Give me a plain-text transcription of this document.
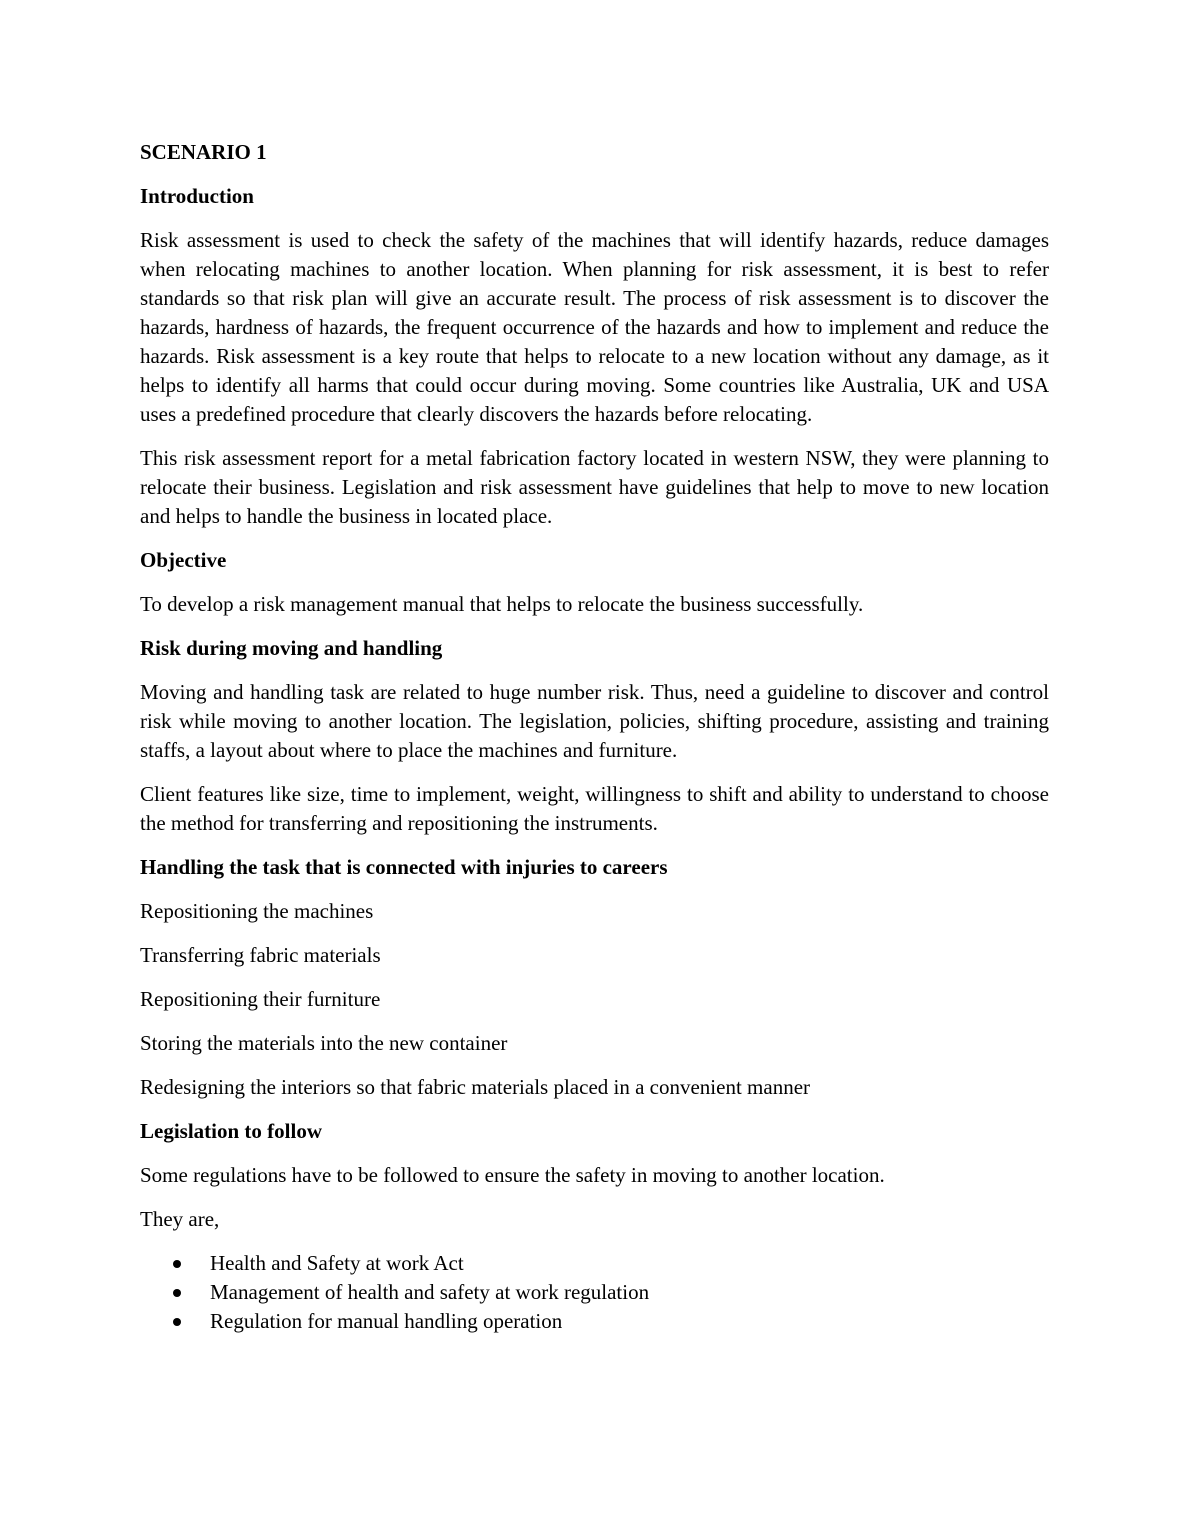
SCENARIO 1
Introduction
Risk assessment is used to check the safety of the machines that will identify hazards, reduce damages when relocating machines to another location. When planning for risk assessment, it is best to refer standards so that risk plan will give an accurate result. The process of risk assessment is to discover the hazards, hardness of hazards, the frequent occurrence of the hazards and how to implement and reduce the hazards. Risk assessment is a key route that helps to relocate to a new location without any damage, as it helps to identify all harms that could occur during moving. Some countries like Australia, UK and USA uses a predefined procedure that clearly discovers the hazards before relocating.
This risk assessment report for a metal fabrication factory located in western NSW, they were planning to relocate their business. Legislation and risk assessment have guidelines that help to move to new location and helps to handle the business in located place.
Objective
To develop a risk management manual that helps to relocate the business successfully.
Risk during moving and handling
Moving and handling task are related to huge number risk. Thus, need a guideline to discover and control risk while moving to another location. The legislation, policies, shifting procedure, assisting and training staffs, a layout about where to place the machines and furniture.
Client features like size, time to implement, weight, willingness to shift and ability to understand to choose the method for transferring and repositioning the instruments.
Handling the task that is connected with injuries to careers
Repositioning the machines
Transferring fabric materials
Repositioning their furniture
Storing the materials into the new container
Redesigning the interiors so that fabric materials placed in a convenient manner
Legislation to follow
Some regulations have to be followed to ensure the safety in moving to another location.
They are,
Health and Safety at work Act
Management of health and safety at work regulation
Regulation for manual handling operation
